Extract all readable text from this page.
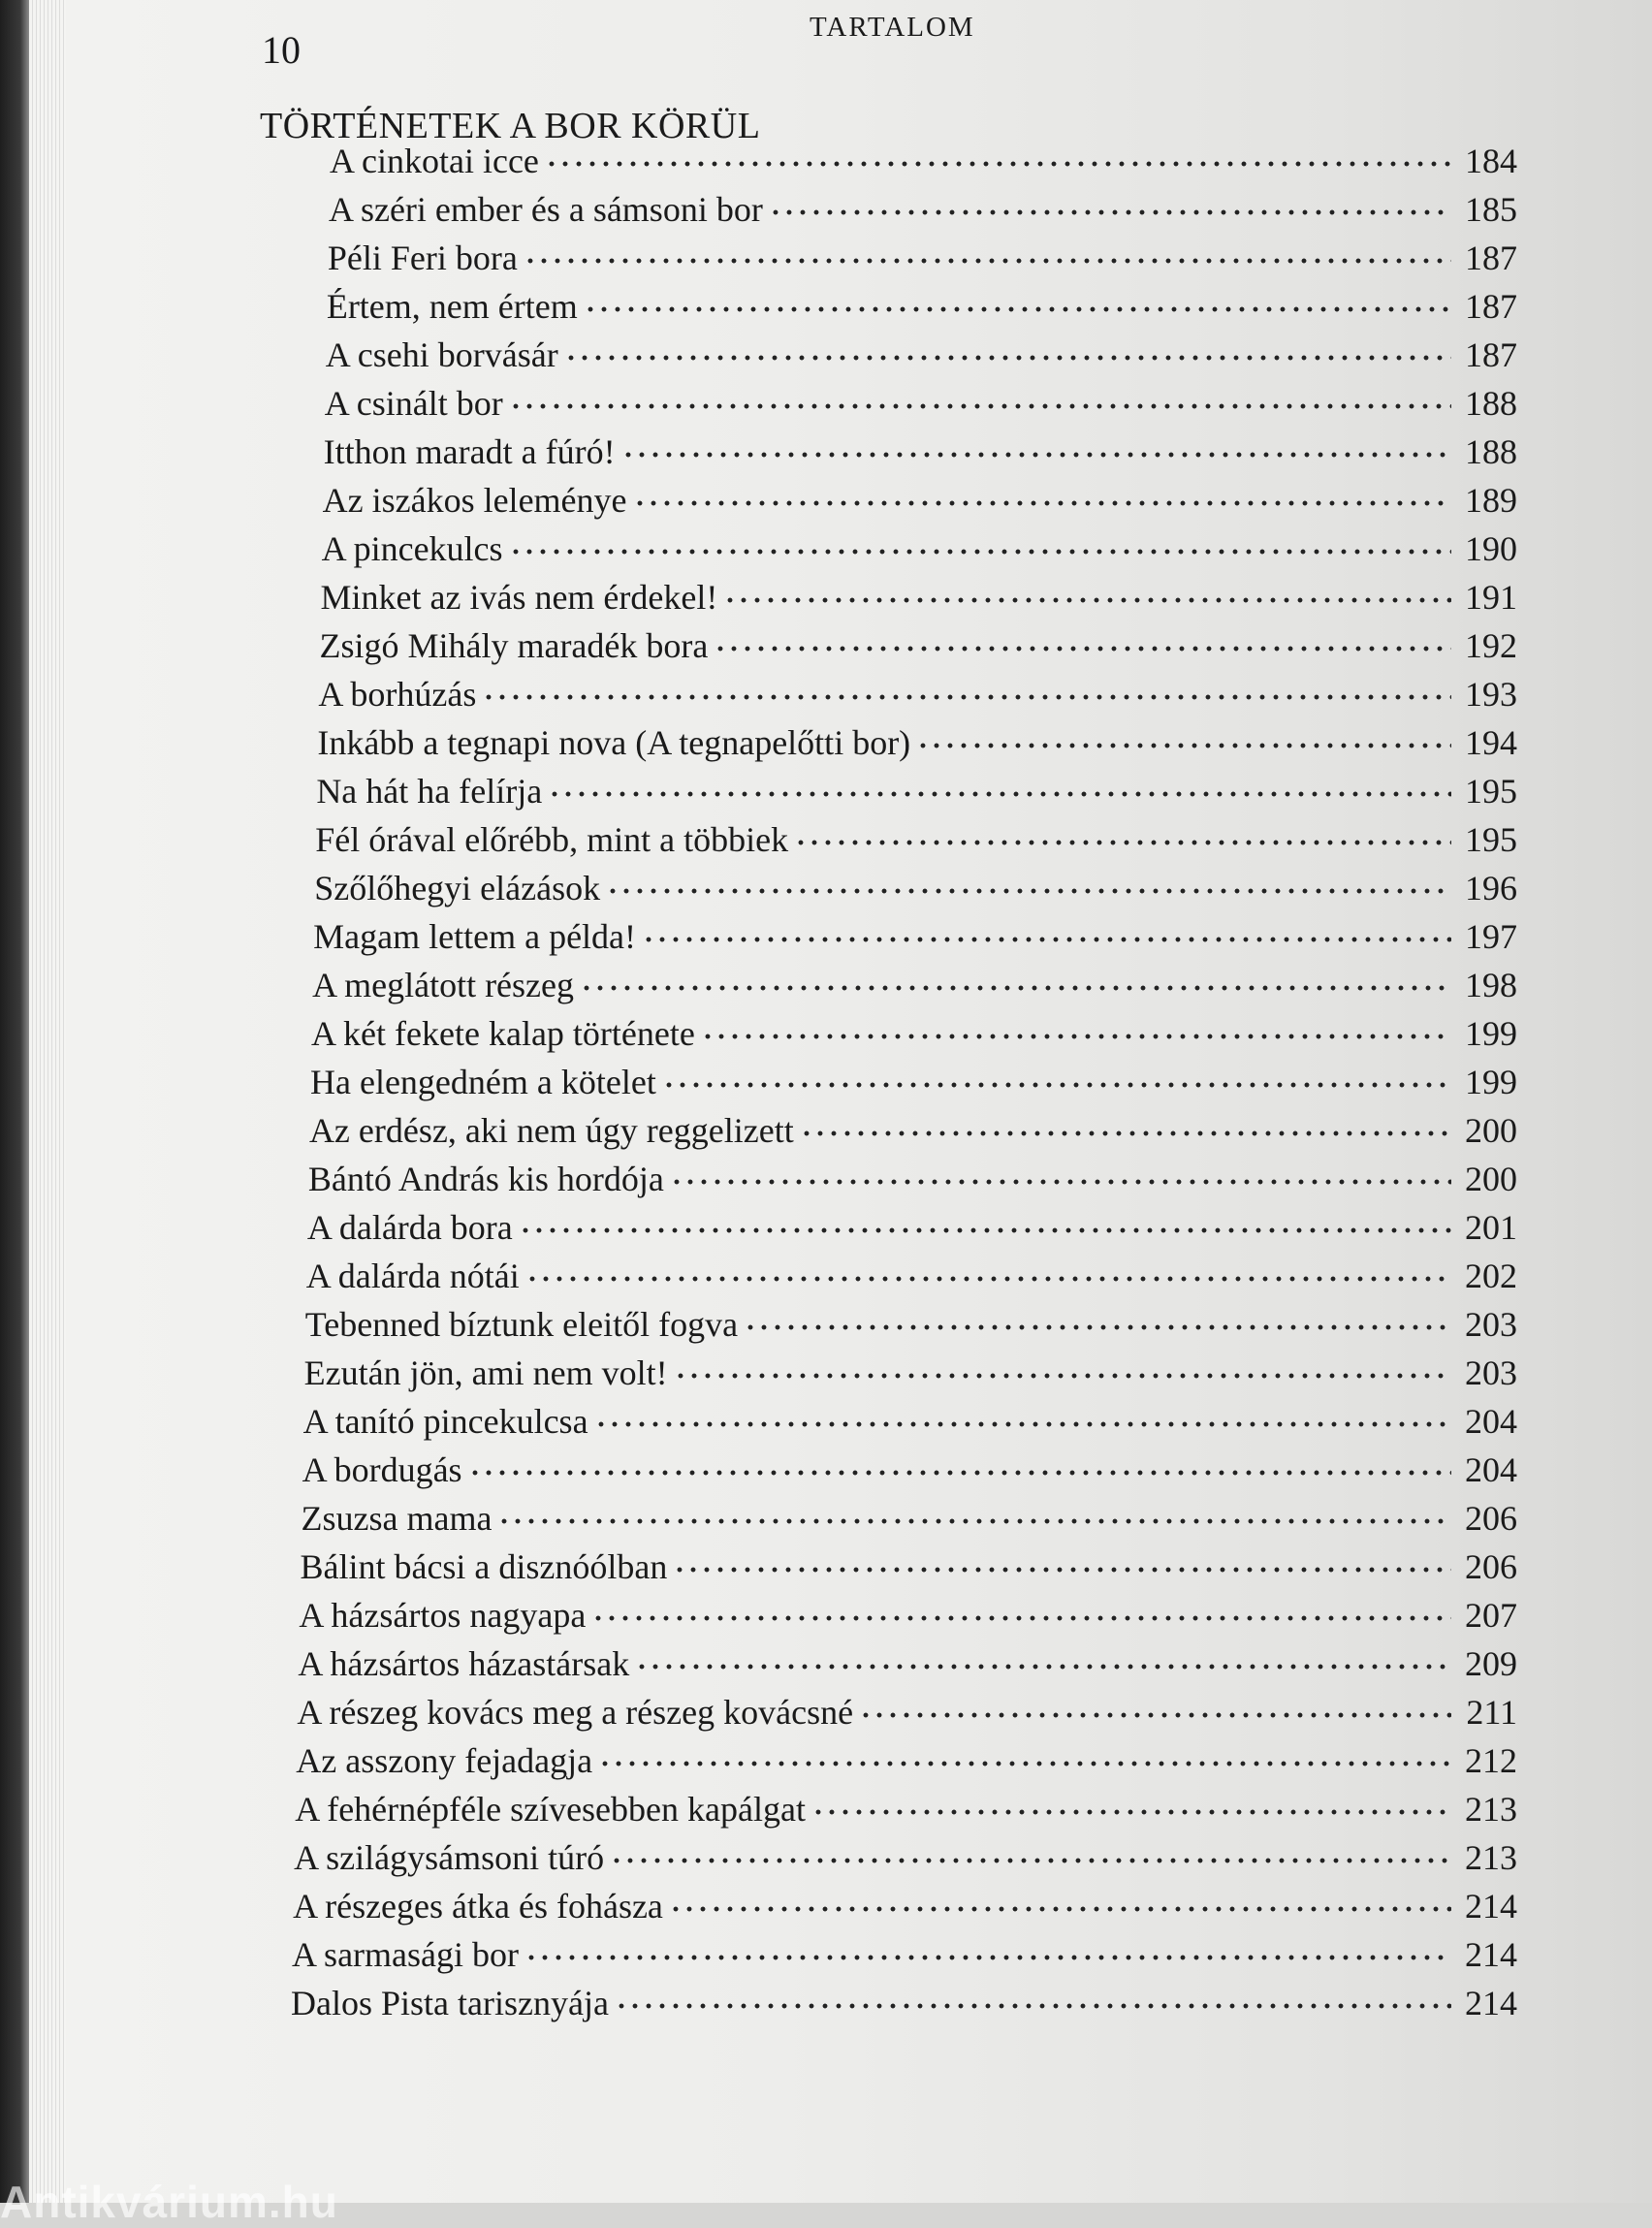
10
TARTALOM
TÖRTÉNETEK A BOR KÖRÜL
A cinkotai icce	184
A széri ember és a sámsoni bor	185
Péli Feri bora	187
Értem, nem értem	187
A csehi borvásár	187
A csinált bor	188
Itthon maradt a fúró!	188
Az iszákos leleménye	189
A pincekulcs	190
Minket az ivás nem érdekel!	191
Zsigó Mihály maradék bora	192
A borhúzás	193
Inkább a tegnapi nova (A tegnapelőtti bor)	194
Na hát ha felírja	195
Fél órával előrébb, mint a többiek	195
Szőlőhegyi elázások	196
Magam lettem a példa!	197
A meglátott részeg	198
A két fekete kalap története	199
Ha elengedném a kötelet	199
Az erdész, aki nem úgy reggelizett	200
Bántó András kis hordója	200
A dalárda bora	201
A dalárda nótái	202
Tebenned bíztunk eleitől fogva	203
Ezután jön, ami nem volt!	203
A tanító pincekulcsa	204
A bordugás	204
Zsuzsa mama	206
Bálint bácsi a disznóólban	206
A házsártos nagyapa	207
A házsártos házastársak	209
A részeg kovács meg a részeg kovácsné	211
Az asszony fejadagja	212
A fehérnépféle szívesebben kapálgat	213
A szilágysámsoni túró	213
A részeges átka és fohásza	214
A sarmasági bor	214
Dalos Pista tarisznyája	214
Antikvárium.hu
